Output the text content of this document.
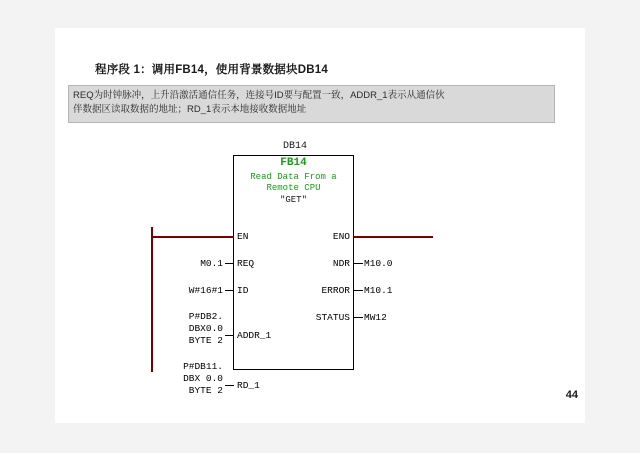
程序段 1：调用FB14，使用背景数据块DB14
REQ为时钟脉冲，上升沿激活通信任务，连接号ID要与配置一致，ADDR_1表示从通信伙
伴数据区读取数据的地址；RD_1表示本地接收数据地址
DB14
FB14
Read Data From a
Remote CPU
"GET"
EN
REQ
ID
ADDR_1
RD_1
M0.1
W#16#1
P#DB2.
DBX0.0
BYTE 2
P#DB11.
DBX 0.0
BYTE 2
ENO
NDR
ERROR
STATUS
M10.0
M10.1
MW12
44
